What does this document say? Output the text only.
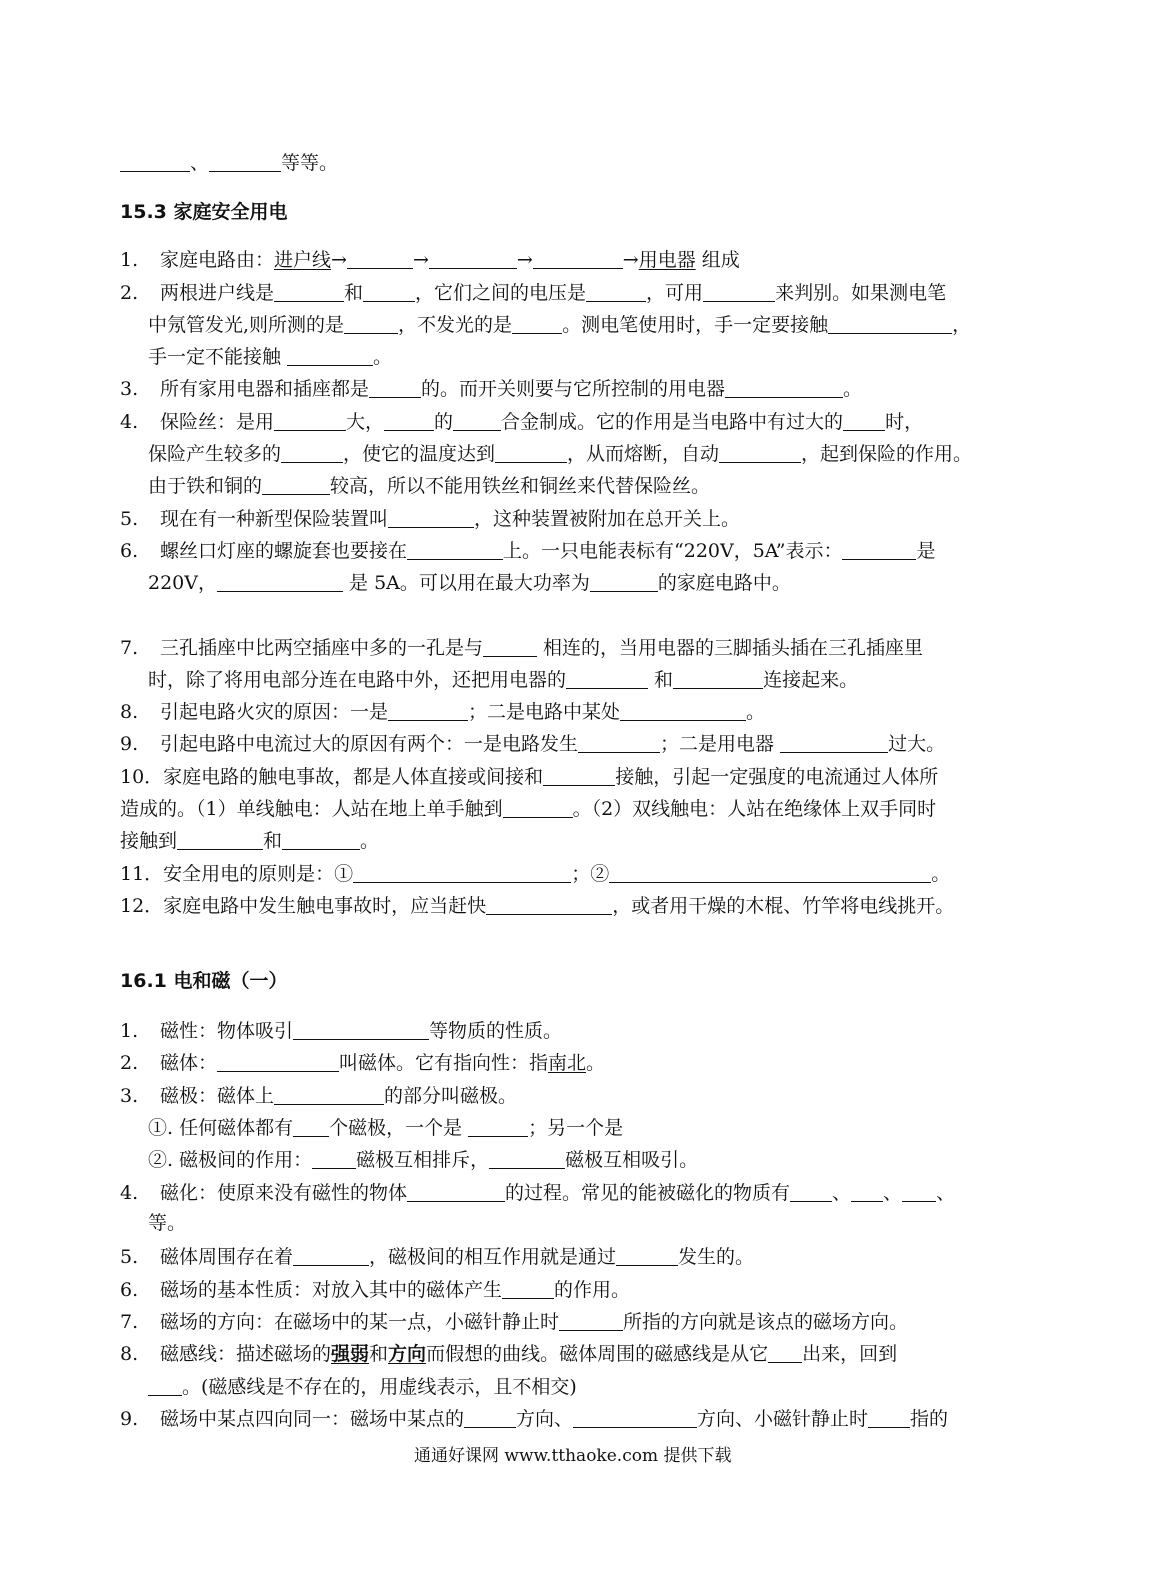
、	等等。
15.3 家庭安全用电
1. 家庭电路由：进户线→	→	→	→用电器 组成
2. 两根进户线是	和	，它们之间的电压是	，可用	来判别。如果测电笔
中氖管发光,则所测的是	，不发光的是	。测电笔使用时，手一定要接触	，
手一定不能接触	。
3. 所有家用电器和插座都是	的。而开关则要与它所控制的用电器	。
4. 保险丝：是用	大，	的	合金制成。它的作用是当电路中有过大的 时，
保险产生较多的	，使它的温度达到	，从而熔断，自动	，起到保险的作用。
由于铁和铜的	较高，所以不能用铁丝和铜丝来代替保险丝。
5. 现在有一种新型保险装置叫	，这种装置被附加在总开关上。
6. 螺丝口灯座的螺旋套也要接在	上。一只电能表标有“220V，5A”表示：	是
220V，	是 5A。可以用在最大功率为	的家庭电路中。
7. 三孔插座中比两空插座中多的一孔是与	相连的，当用电器的三脚插头插在三孔插座里
时，除了将用电部分连在电路中外，还把用电器的	和	连接起来。
8. 引起电路火灾的原因：一是	；二是电路中某处	。
9. 引起电路中电流过大的原因有两个：一是电路发生	；二是用电器	过大。
10．家庭电路的触电事故，都是人体直接或间接和	接触，引起一定强度的电流通过人体所
造成的。（1）单线触电：人站在地上单手触到	。（2）双线触电：人站在绝缘体上双手同时
接触到	和	。
11．安全用电的原则是：①	；②	。
12．家庭电路中发生触电事故时，应当赶快	，或者用干燥的木棍、竹竿将电线挑开。
16.1 电和磁（一）
1. 磁性：物体吸引	等物质的性质。
2. 磁体：	叫磁体。它有指向性：指南北。
3. 磁极：磁体上	的部分叫磁极。
①. 任何磁体都有 个磁极，一个是	；另一个是
②. 磁极间的作用： 磁极互相排斥，	磁极互相吸引。
4. 磁化：使原来没有磁性的物体	的过程。常见的能被磁化的物质有 、 、 、
等。
5. 磁体周围存在着	，磁极间的相互作用就是通过	发生的。
6. 磁场的基本性质：对放入其中的磁体产生	的作用。
7. 磁场的方向：在磁场中的某一点，小磁针静止时	所指的方向就是该点的磁场方向。
8. 磁感线：描述磁场的强弱和方向而假想的曲线。磁体周围的磁感线是从它 出来，回到
。(磁感线是不存在的，用虚线表示，且不相交)
9. 磁场中某点四向同一：磁场中某点的	方向、	方向、小磁针静止时 指的
通通好课网 www.tthaoke.com 提供下载
